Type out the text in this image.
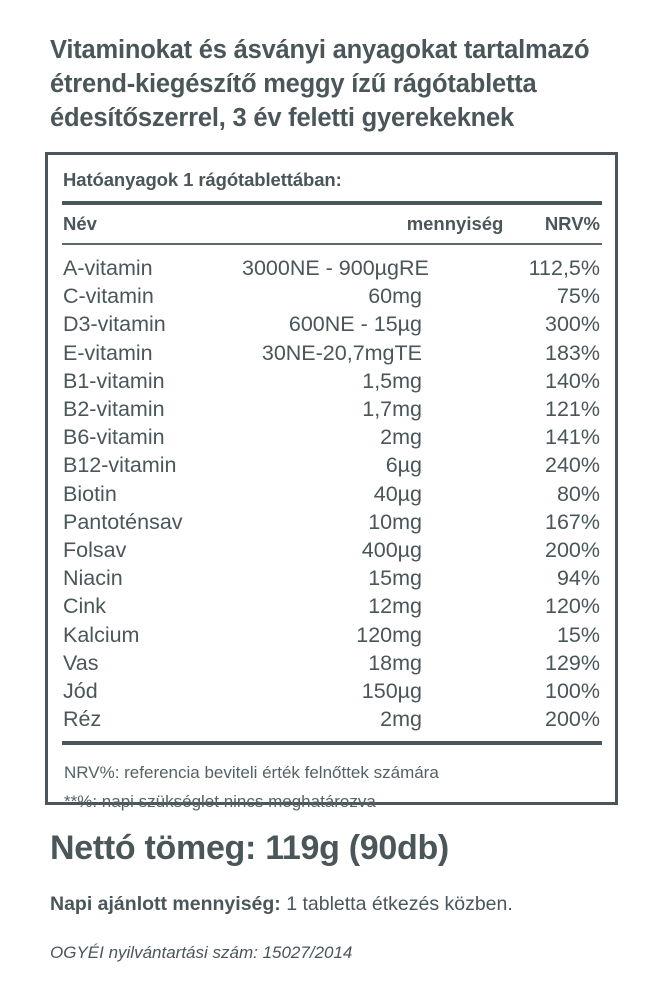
Vitaminokat és ásványi anyagokat tartalmazó
étrend-kiegészítő meggy ízű rágótabletta
édesítőszerrel, 3 év feletti gyerekeknek

Hatóanyagok 1 rágótablettában:

Név	mennyiség	NRV%

A-vitamin	3000NE - 900µgRE	112,5%
C-vitamin	60mg	75%
D3-vitamin	600NE - 15µg	300%
E-vitamin	30NE-20,7mgTE	183%
B1-vitamin	1,5mg	140%
B2-vitamin	1,7mg	121%
B6-vitamin	2mg	141%
B12-vitamin	6µg	240%
Biotin	40µg	80%
Pantoténsav	10mg	167%
Folsav	400µg	200%
Niacin	15mg	94%
Cink	12mg	120%
Kalcium	120mg	15%
Vas	18mg	129%
Jód	150µg	100%
Réz	2mg	200%

NRV%: referencia beviteli érték felnőttek számára
**%: napi szükséglet nincs meghatározva

Nettó tömeg: 119g (90db)

Napi ajánlott mennyiség: 1 tabletta étkezés közben.

OGYÉI nyilvántartási szám: 15027/2014
